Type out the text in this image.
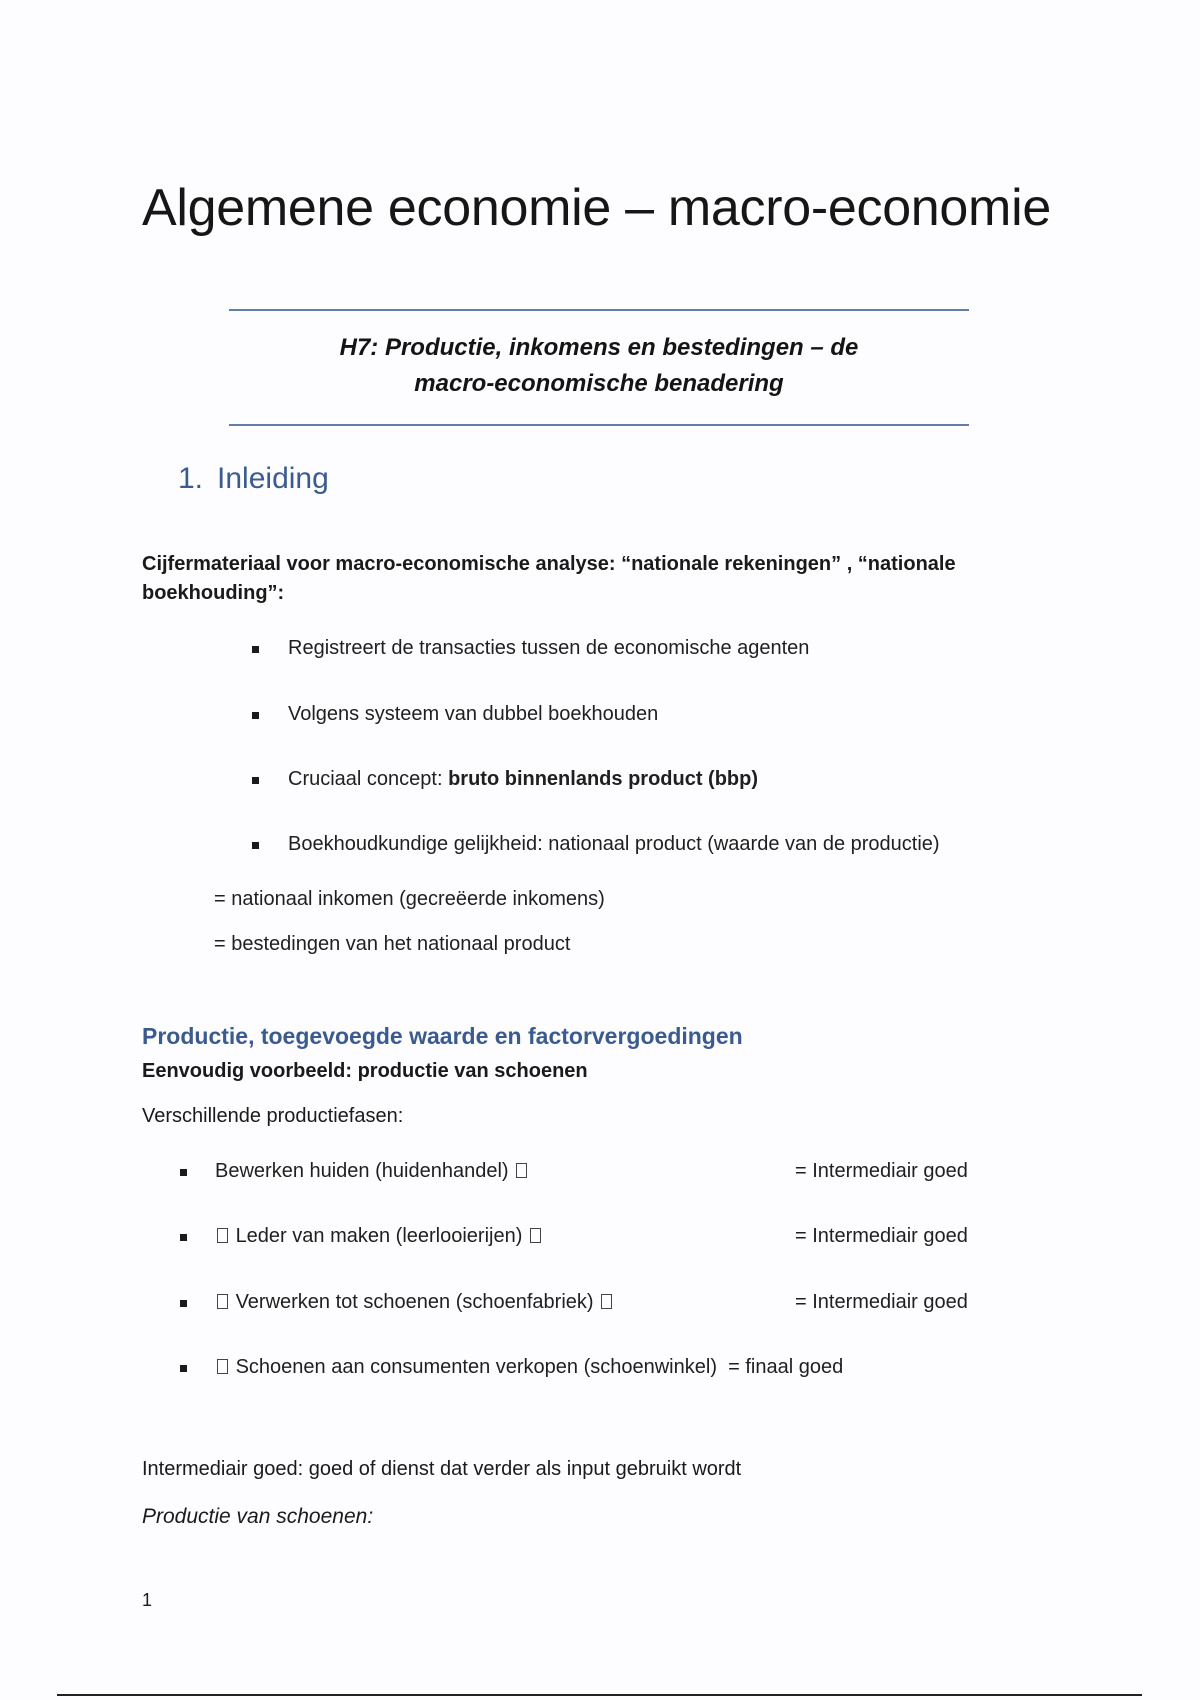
Algemene economie – macro-economie
H7: Productie, inkomens en bestedingen – de
macro-economische benadering
1. Inleiding
Cijfermateriaal voor macro-economische analyse: “nationale rekeningen” , “nationale
boekhouding”:
Registreert de transacties tussen de economische agenten
Volgens systeem van dubbel boekhouden
Cruciaal concept: bruto binnenlands product (bbp)
Boekhoudkundige gelijkheid: nationaal product (waarde van de productie)
= nationaal inkomen (gecreëerde inkomens)
= bestedingen van het nationaal product
Productie, toegevoegde waarde en factorvergoedingen
Eenvoudig voorbeeld: productie van schoenen
Verschillende productiefasen:
Bewerken huiden (huidenhandel)	= Intermediair goed
Leder van maken (leerlooierijen)	= Intermediair goed
Verwerken tot schoenen (schoenfabriek)	= Intermediair goed
Schoenen aan consumenten verkopen (schoenwinkel) = finaal goed
Intermediair goed: goed of dienst dat verder als input gebruikt wordt
Productie van schoenen:
1
